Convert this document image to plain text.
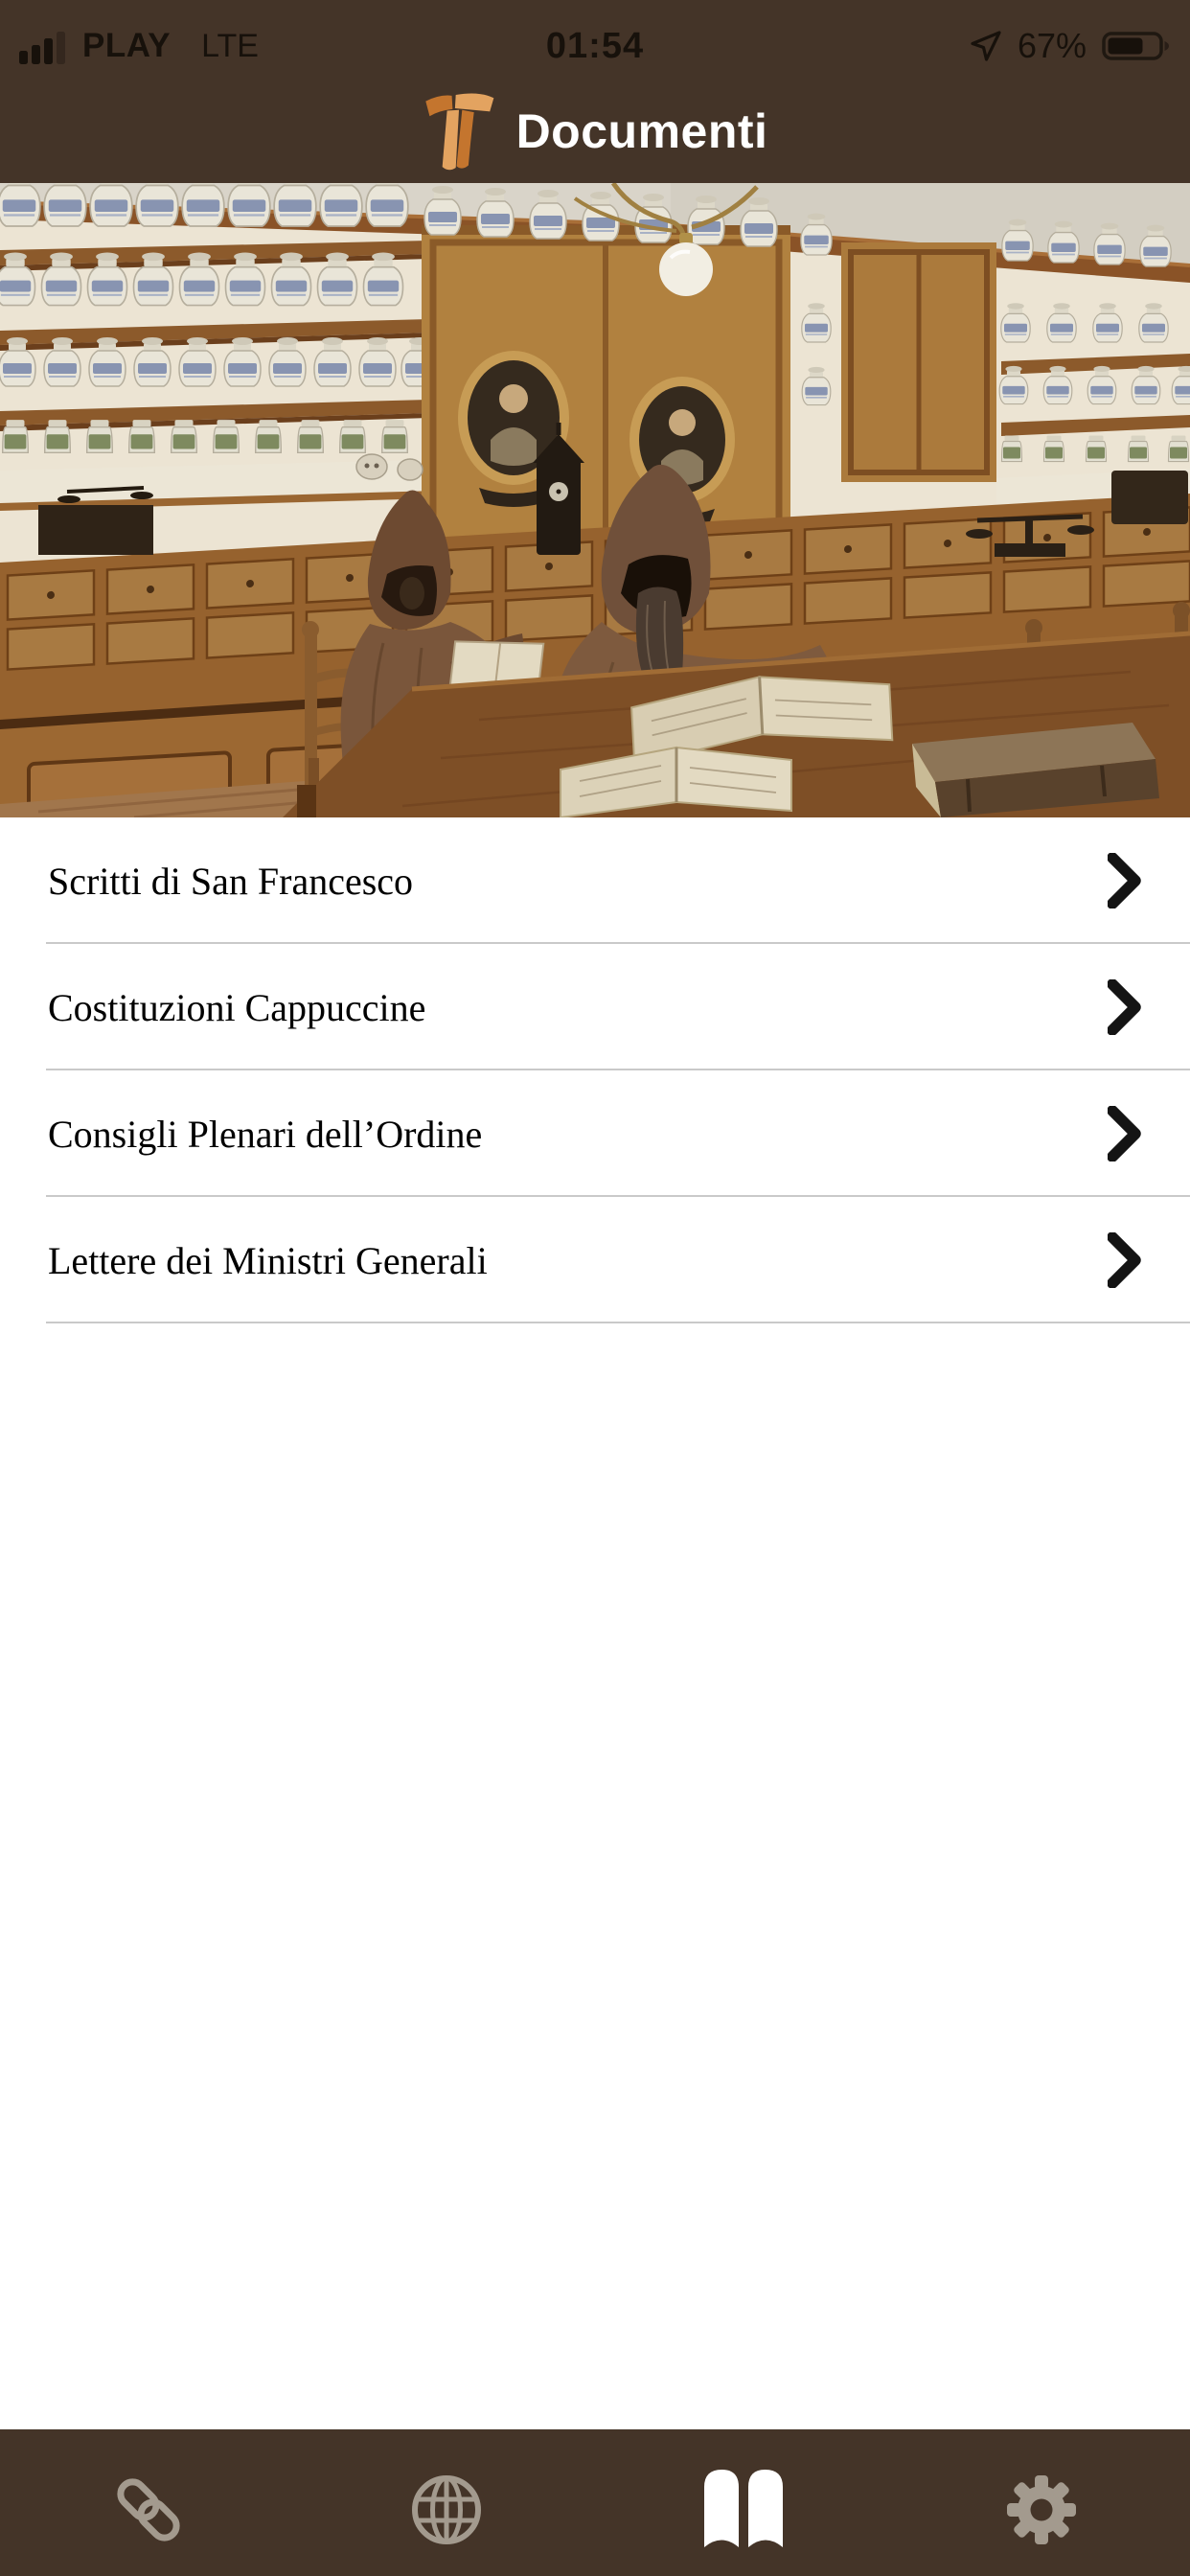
PLAY LTE	01:54	67%
Documenti
Scritti di San Francesco
Costituzioni Cappuccine
Consigli Plenari dell’Ordine
Lettere dei Ministri Generali
